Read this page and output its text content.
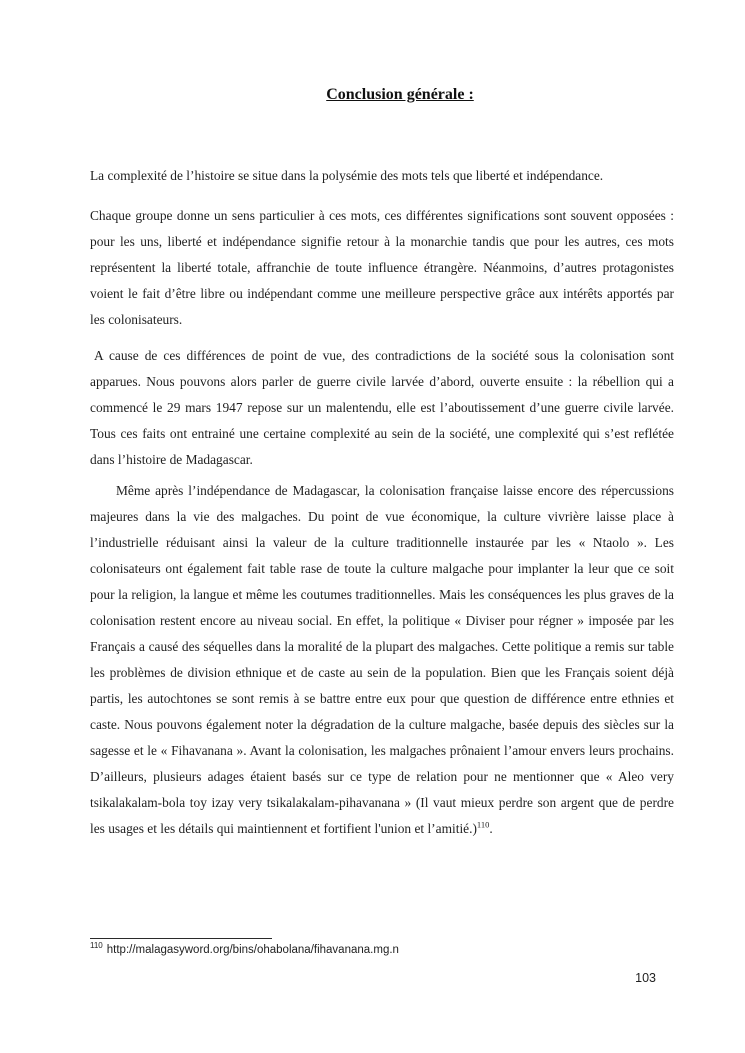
Conclusion générale :

La complexité de l’histoire se situe dans la polysémie des mots tels que liberté et indépendance.

Chaque groupe donne un sens particulier à ces mots, ces différentes significations sont souvent opposées : pour les uns, liberté et indépendance signifie retour à la monarchie tandis que pour les autres, ces mots représentent la liberté totale, affranchie de toute influence étrangère. Néanmoins, d’autres protagonistes voient le fait d’être libre ou indépendant comme une meilleure perspective grâce aux intérêts apportés par les colonisateurs.

A cause de ces différences de point de vue, des contradictions de la société sous la colonisation sont apparues. Nous pouvons alors parler de guerre civile larvée d’abord, ouverte ensuite : la rébellion qui a commencé le 29 mars 1947 repose sur un malentendu, elle est l’aboutissement d’une guerre civile larvée. Tous ces faits ont entrainé une certaine complexité au sein de la société, une complexité qui s’est reflétée dans l’histoire de Madagascar.

Même après l’indépendance de Madagascar, la colonisation française laisse encore des répercussions majeures dans la vie des malgaches. Du point de vue économique, la culture vivrière laisse place à l’industrielle réduisant ainsi la valeur de la culture traditionnelle instaurée par les « Ntaolo ». Les colonisateurs ont également fait table rase de toute la culture malgache pour implanter la leur que ce soit pour la religion, la langue et même les coutumes traditionnelles. Mais les conséquences les plus graves de la colonisation restent encore au niveau social. En effet, la politique « Diviser pour régner » imposée par les Français a causé des séquelles dans la moralité de la plupart des malgaches. Cette politique a remis sur table les problèmes de division ethnique et de caste au sein de la population. Bien que les Français soient déjà partis, les autochtones se sont remis à se battre entre eux pour que question de différence entre ethnies et caste. Nous pouvons également noter la dégradation de la culture malgache, basée depuis des siècles sur la sagesse et le « Fihavanana ». Avant la colonisation, les malgaches prônaient l’amour envers leurs prochains. D’ailleurs, plusieurs adages étaient basés sur ce type de relation pour ne mentionner que « Aleo very tsikalakalam-bola toy izay very tsikalakalam-pihavanana » (Il vaut mieux perdre son argent que de perdre les usages et les détails qui maintiennent et fortifient l'union et l’amitié.)$^{110}$.

$^{110}$ http://malagasyword.org/bins/ohabolana/fihavanana.mg.n
103
